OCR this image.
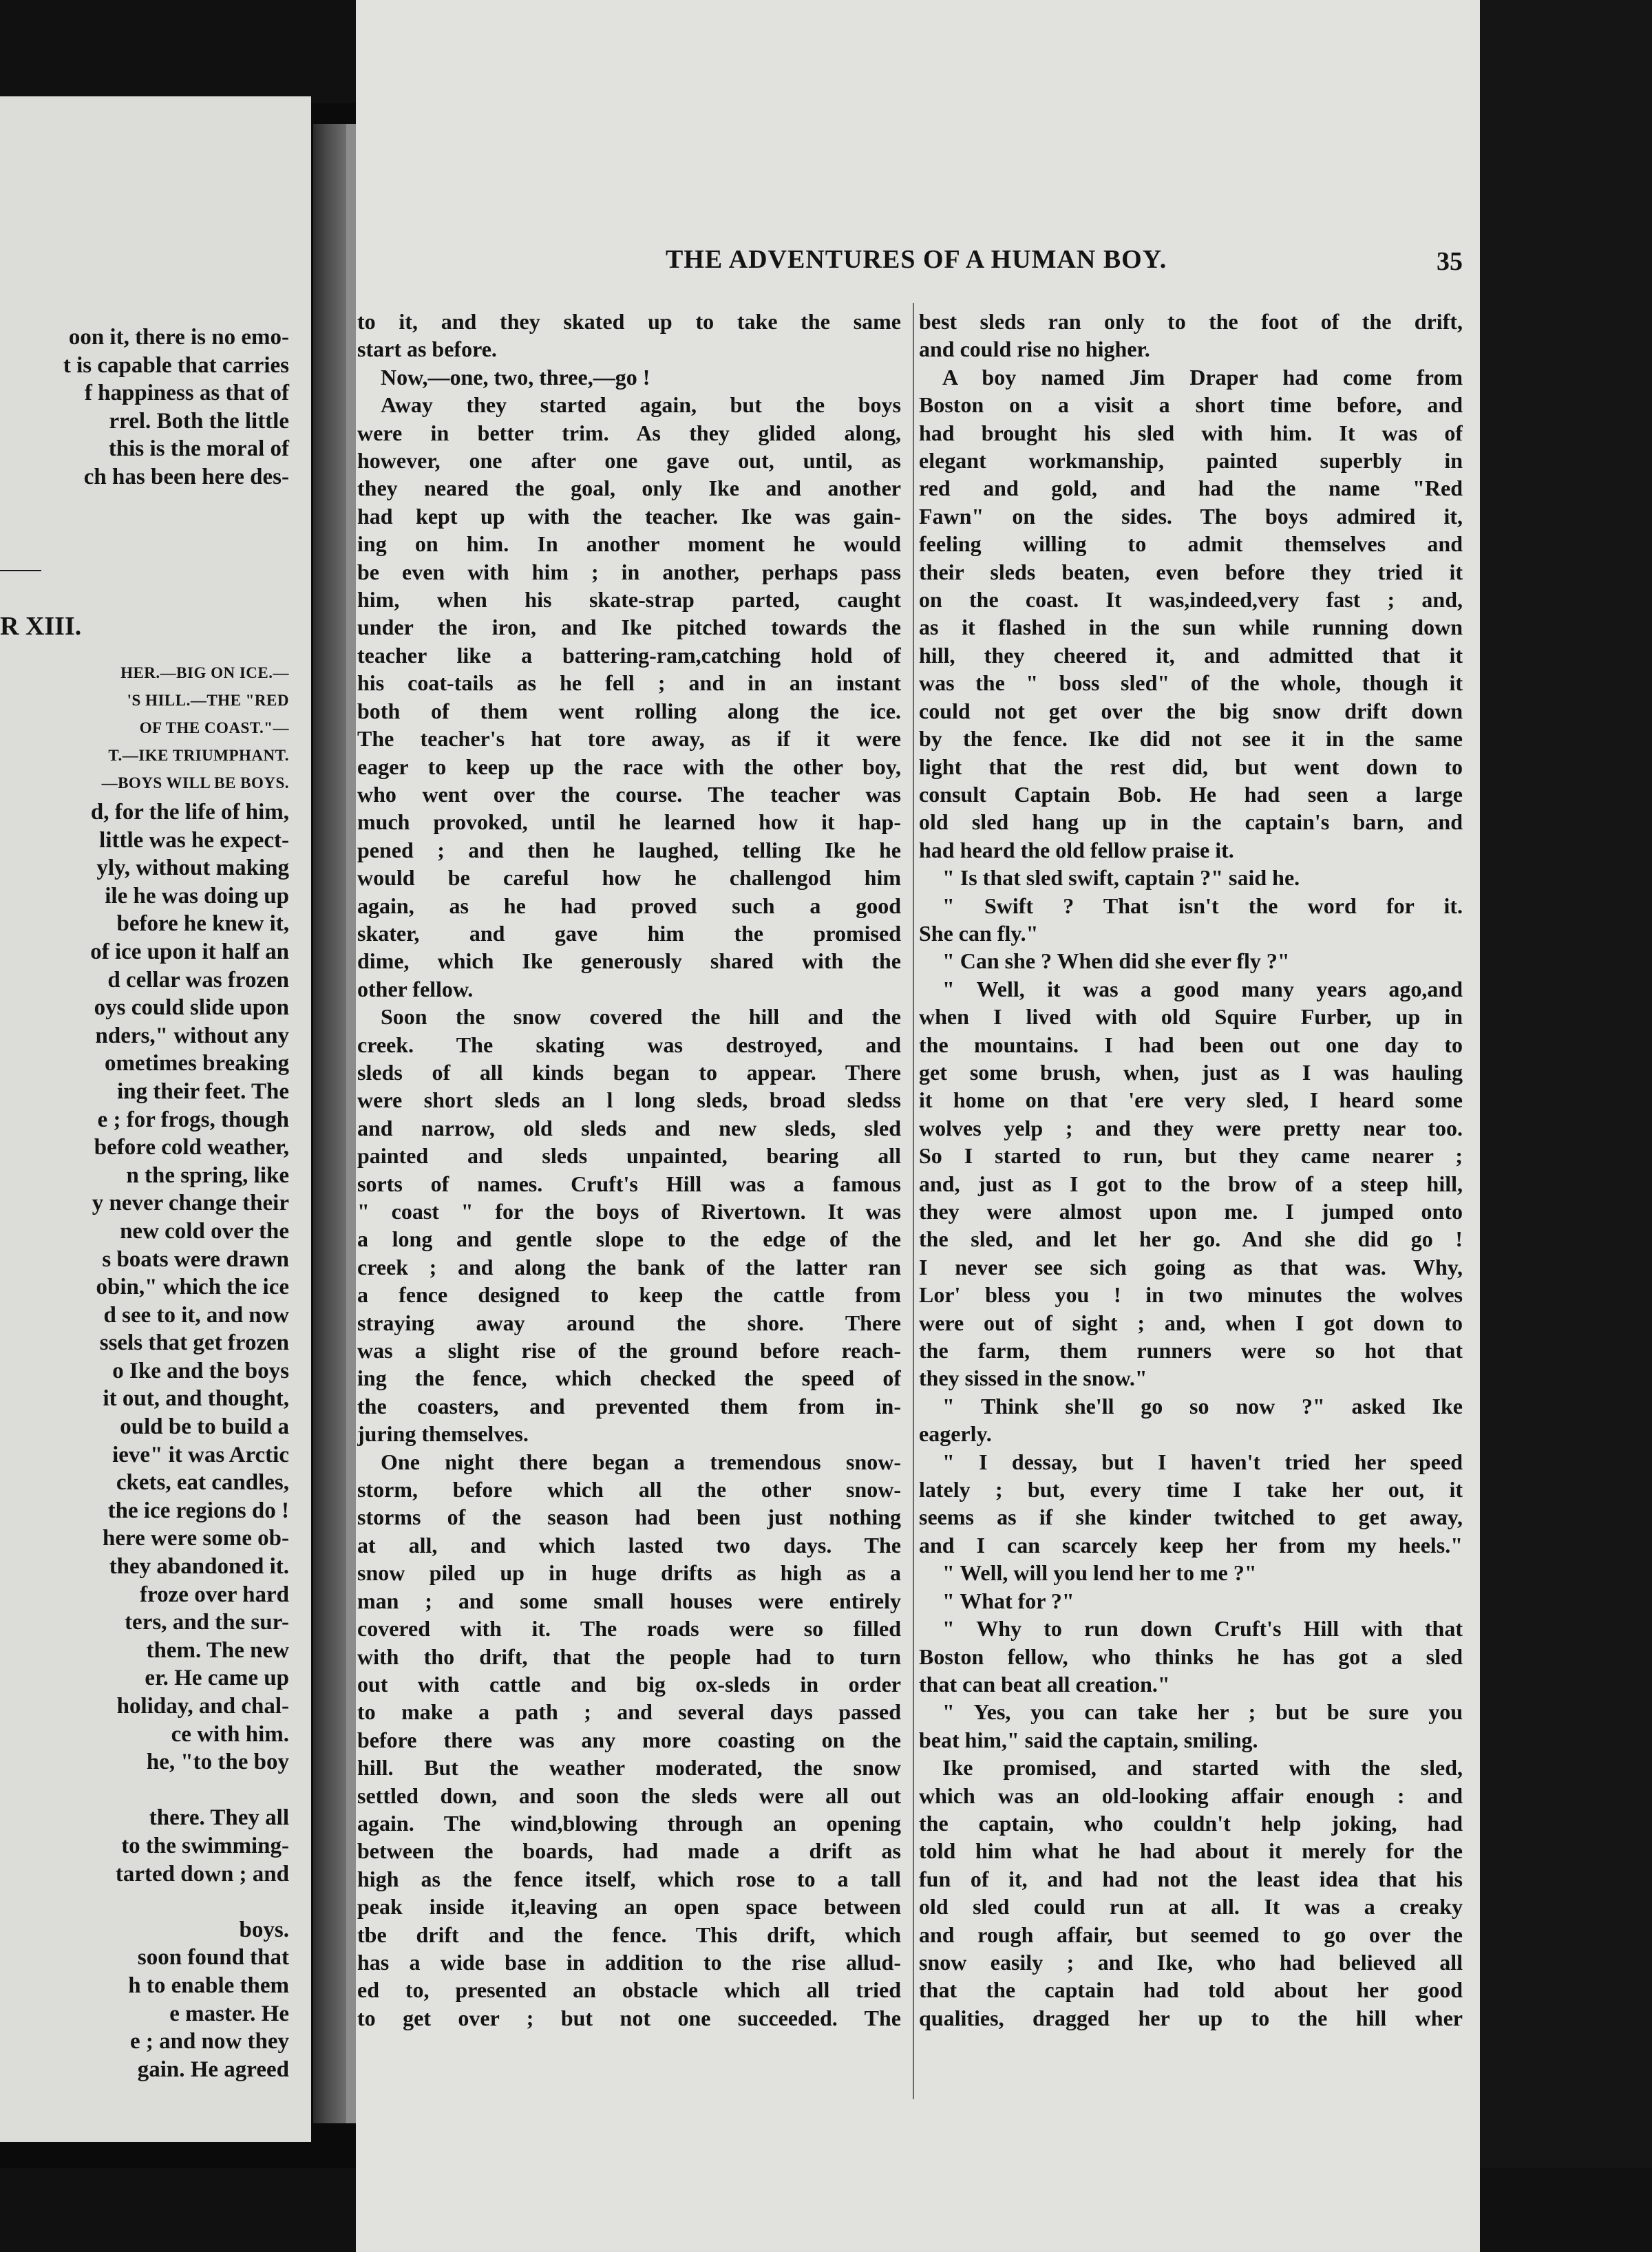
oon it, there is no emo-
t is capable that carries
f happiness as that of
rrel. Both the little
this is the moral of
ch has been here des-
R XIII.
HER.—BIG ON ICE.—
'S HILL.—THE "RED
OF THE COAST."—
T.—IKE TRIUMPHANT.
—BOYS WILL BE BOYS.
d, for the life of him,
little was he expect-
yly, without making
ile he was doing up
before he knew it,
of ice upon it half an
d cellar was frozen
oys could slide upon
nders," without any
ometimes breaking
ing their feet. The
e ; for frogs, though
before cold weather,
n the spring, like
y never change their
new cold over the
s boats were drawn
obin," which the ice
d see to it, and now
ssels that get frozen
o Ike and the boys
it out, and thought,
ould be to build a
ieve" it was Arctic
ckets, eat candles,
the ice regions do !
here were some ob-
they abandoned it.
froze over hard
ters, and the sur-
them. The new
er. He came up
holiday, and chal-
ce with him.
he, "to the boy

there. They all
to the swimming-
tarted down ; and

boys.
soon found that
h to enable them
e master. He
e ; and now they
gain. He agreed
THE ADVENTURES OF A HUMAN BOY.	35
to it, and they skated up to take the same
start as before.
Now,—one, two, three,—go !
Away they started again, but the boys
were in better trim. As they glided along,
however, one after one gave out, until, as
they neared the goal, only Ike and another
had kept up with the teacher. Ike was gain-
ing on him. In another moment he would
be even with him ; in another, perhaps pass
him, when his skate-strap parted, caught
under the iron, and Ike pitched towards the
teacher like a battering-ram,catching hold of
his coat-tails as he fell ; and in an instant
both of them went rolling along the ice.
The teacher's hat tore away, as if it were
eager to keep up the race with the other boy,
who went over the course. The teacher was
much provoked, until he learned how it hap-
pened ; and then he laughed, telling Ike he
would be careful how he challengod him
again, as he had proved such a good
skater, and gave him the promised
dime, which Ike generously shared with the
other fellow.
Soon the snow covered the hill and the
creek. The skating was destroyed, and
sleds of all kinds began to appear. There
were short sleds an l long sleds, broad sledss
and narrow, old sleds and new sleds, sled
painted and sleds unpainted, bearing all
sorts of names. Cruft's Hill was a famous
" coast " for the boys of Rivertown. It was
a long and gentle slope to the edge of the
creek ; and along the bank of the latter ran
a fence designed to keep the cattle from
straying away around the shore. There
was a slight rise of the ground before reach-
ing the fence, which checked the speed of
the coasters, and prevented them from in-
juring themselves.
One night there began a tremendous snow-
storm, before which all the other snow-
storms of the season had been just nothing
at all, and which lasted two days. The
snow piled up in huge drifts as high as a
man ; and some small houses were entirely
covered with it. The roads were so filled
with tho drift, that the people had to turn
out with cattle and big ox-sleds in order
to make a path ; and several days passed
before there was any more coasting on the
hill. But the weather moderated, the snow
settled down, and soon the sleds were all out
again. The wind,blowing through an opening
between the boards, had made a drift as
high as the fence itself, which rose to a tall
peak inside it,leaving an open space between
tbe drift and the fence. This drift, which
has a wide base in addition to the rise allud-
ed to, presented an obstacle which all tried
to get over ; but not one succeeded. The
best sleds ran only to the foot of the drift,
and could rise no higher.
A boy named Jim Draper had come from
Boston on a visit a short time before, and
had brought his sled with him. It was of
elegant workmanship, painted superbly in
red and gold, and had the name "Red
Fawn" on the sides. The boys admired it,
feeling willing to admit themselves and
their sleds beaten, even before they tried it
on the coast. It was,indeed,very fast ; and,
as it flashed in the sun while running down
hill, they cheered it, and admitted that it
was the " boss sled" of the whole, though it
could not get over the big snow drift down
by the fence. Ike did not see it in the same
light that the rest did, but went down to
consult Captain Bob. He had seen a large
old sled hang up in the captain's barn, and
had heard the old fellow praise it.
" Is that sled swift, captain ?" said he.
" Swift ? That isn't the word for it.
She can fly."
" Can she ? When did she ever fly ?"
" Well, it was a good many years ago,and
when I lived with old Squire Furber, up in
the mountains. I had been out one day to
get some brush, when, just as I was hauling
it home on that 'ere very sled, I heard some
wolves yelp ; and they were pretty near too.
So I started to run, but they came nearer ;
and, just as I got to the brow of a steep hill,
they were almost upon me. I jumped onto
the sled, and let her go. And she did go !
I never see sich going as that was. Why,
Lor' bless you ! in two minutes the wolves
were out of sight ; and, when I got down to
the farm, them runners were so hot that
they sissed in the snow."
" Think she'll go so now ?" asked Ike
eagerly.
" I dessay, but I haven't tried her speed
lately ; but, every time I take her out, it
seems as if she kinder twitched to get away,
and I can scarcely keep her from my heels."
" Well, will you lend her to me ?"
" What for ?"
" Why to run down Cruft's Hill with that
Boston fellow, who thinks he has got a sled
that can beat all creation."
" Yes, you can take her ; but be sure you
beat him," said the captain, smiling.
Ike promised, and started with the sled,
which was an old-looking affair enough : and
the captain, who couldn't help joking, had
told him what he had about it merely for the
fun of it, and had not the least idea that his
old sled could run at all. It was a creaky
and rough affair, but seemed to go over the
snow easily ; and Ike, who had believed all
that the captain had told about her good
qualities, dragged her up to the hill wher
